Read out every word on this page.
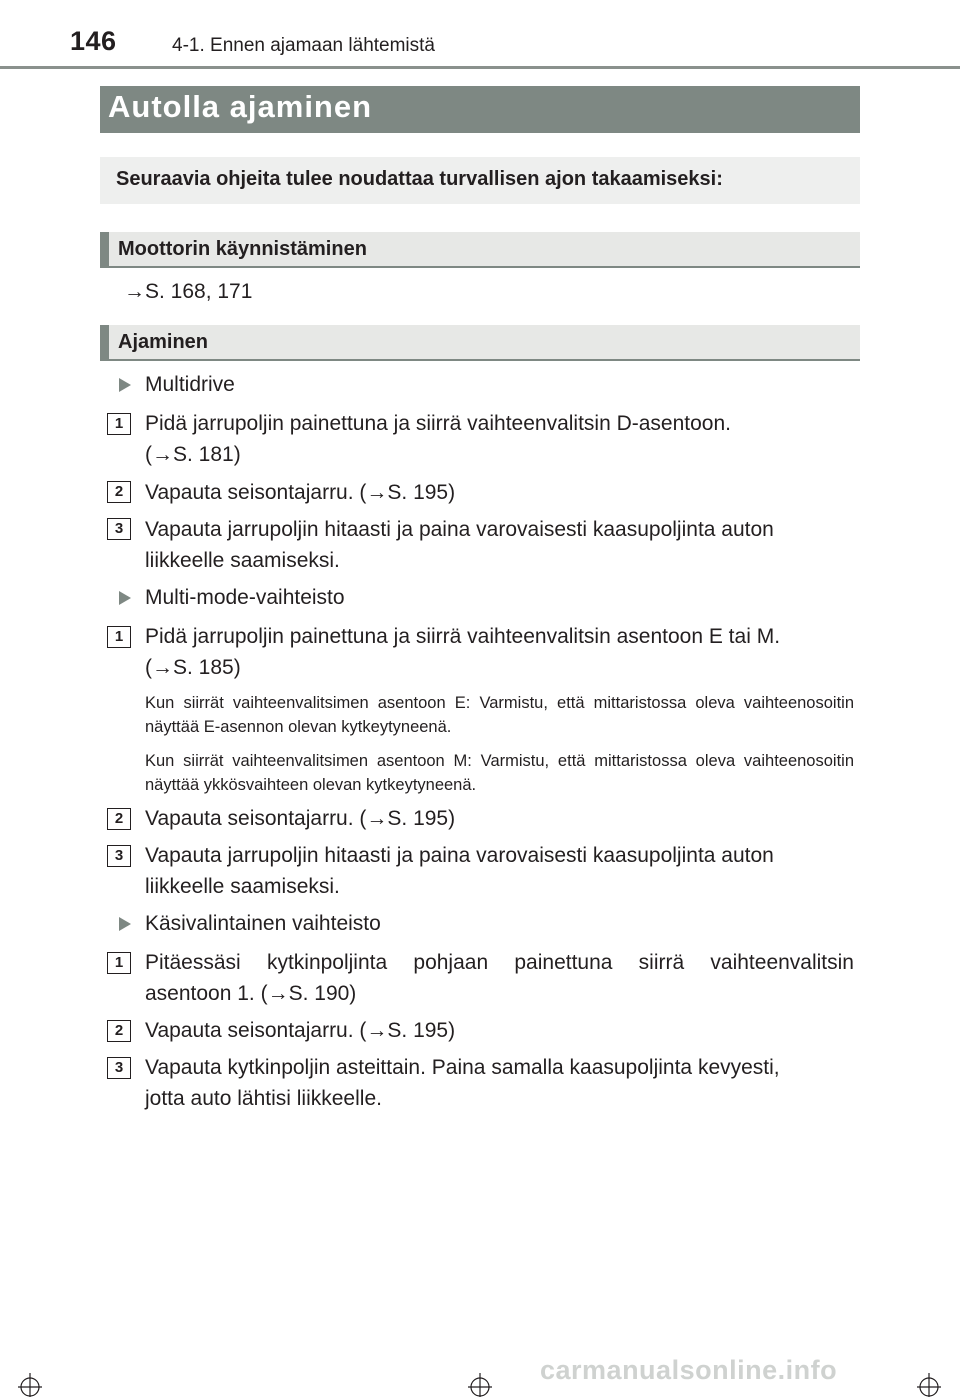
146	4-1. Ennen ajamaan lähtemistä
Autolla ajaminen
Seuraavia ohjeita tulee noudattaa turvallisen ajon takaamiseksi:
Moottorin käynnistäminen
→S. 168, 171
Ajaminen
Multidrive
1	Pidä jarrupoljin painettuna ja siirrä vaihteenvalitsin D-asentoon.
(→S. 181)
2	Vapauta seisontajarru. (→S. 195)
3	Vapauta jarrupoljin hitaasti ja paina varovaisesti kaasupoljinta auton
liikkeelle saamiseksi.
Multi-mode-vaihteisto
1	Pidä jarrupoljin painettuna ja siirrä vaihteenvalitsin asentoon E tai M.
(→S. 185)
Kun siirrät vaihteenvalitsimen asentoon E: Varmistu, että mittaristossa oleva vaihteenosoitin näyttää E-asennon olevan kytkeytyneenä.
Kun siirrät vaihteenvalitsimen asentoon M: Varmistu, että mittaristossa oleva vaihteenosoitin näyttää ykkösvaihteen olevan kytkeytyneenä.
2	Vapauta seisontajarru. (→S. 195)
3	Vapauta jarrupoljin hitaasti ja paina varovaisesti kaasupoljinta auton
liikkeelle saamiseksi.
Käsivalintainen vaihteisto
1	Pitäessäsi kytkinpoljinta pohjaan painettuna siirrä vaihteenvalitsin
asentoon 1. (→S. 190)
2	Vapauta seisontajarru. (→S. 195)
3	Vapauta kytkinpoljin asteittain. Paina samalla kaasupoljinta kevyesti,
jotta auto lähtisi liikkeelle.
carmanualsonline.info
